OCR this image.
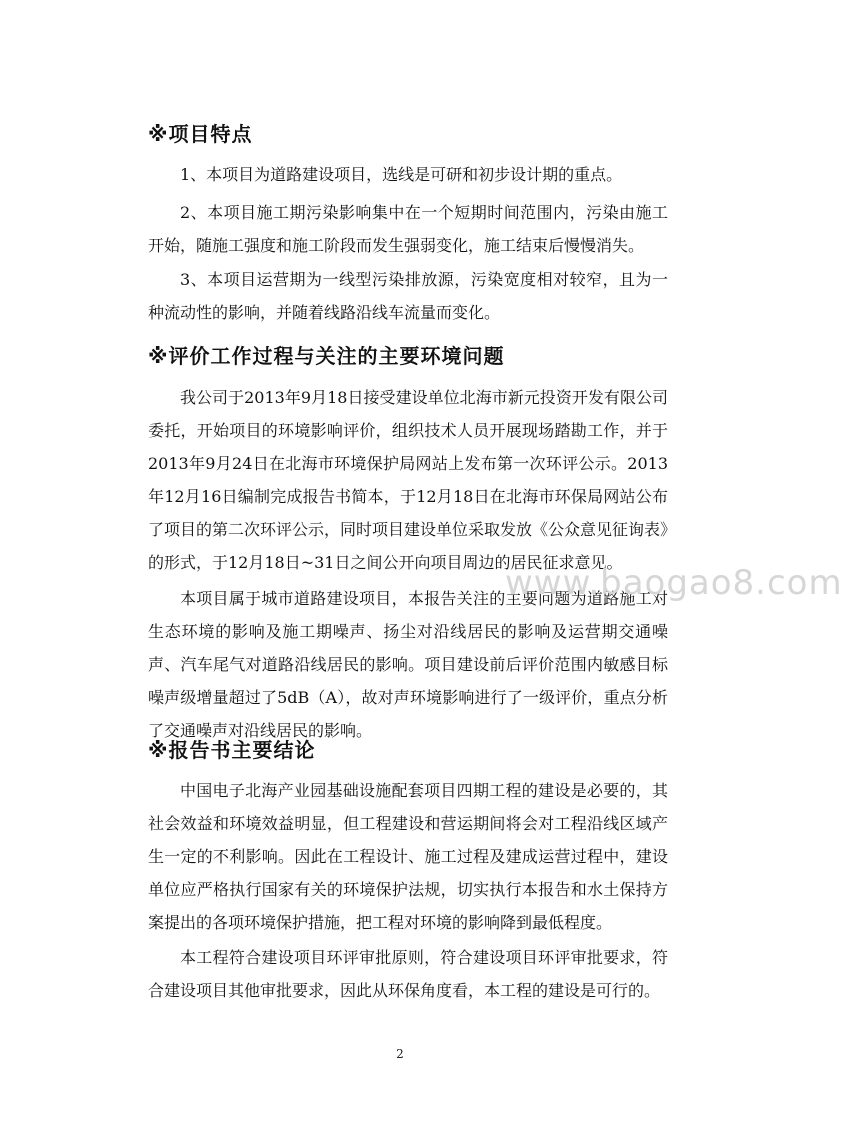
※项目特点
1、本项目为道路建设项目，选线是可研和初步设计期的重点。
2、本项目施工期污染影响集中在一个短期时间范围内，污染由施工开始，随施工强度和施工阶段而发生强弱变化，施工结束后慢慢消失。
3、本项目运营期为一线型污染排放源，污染宽度相对较窄，且为一种流动性的影响，并随着线路沿线车流量而变化。
※评价工作过程与关注的主要环境问题
我公司于2013年9月18日接受建设单位北海市新元投资开发有限公司委托，开始项目的环境影响评价，组织技术人员开展现场踏勘工作，并于2013年9月24日在北海市环境保护局网站上发布第一次环评公示。2013年12月16日编制完成报告书简本，于12月18日在北海市环保局网站公布了项目的第二次环评公示，同时项目建设单位采取发放《公众意见征询表》的形式，于12月18日~31日之间公开向项目周边的居民征求意见。
本项目属于城市道路建设项目，本报告关注的主要问题为道路施工对生态环境的影响及施工期噪声、扬尘对沿线居民的影响及运营期交通噪声、汽车尾气对道路沿线居民的影响。项目建设前后评价范围内敏感目标噪声级增量超过了5dB（A），故对声环境影响进行了一级评价，重点分析了交通噪声对沿线居民的影响。
※报告书主要结论
中国电子北海产业园基础设施配套项目四期工程的建设是必要的，其社会效益和环境效益明显，但工程建设和营运期间将会对工程沿线区域产生一定的不利影响。因此在工程设计、施工过程及建成运营过程中，建设单位应严格执行国家有关的环境保护法规，切实执行本报告和水土保持方案提出的各项环境保护措施，把工程对环境的影响降到最低程度。
本工程符合建设项目环评审批原则，符合建设项目环评审批要求，符合建设项目其他审批要求，因此从环保角度看，本工程的建设是可行的。
www.baogao8.com
2
